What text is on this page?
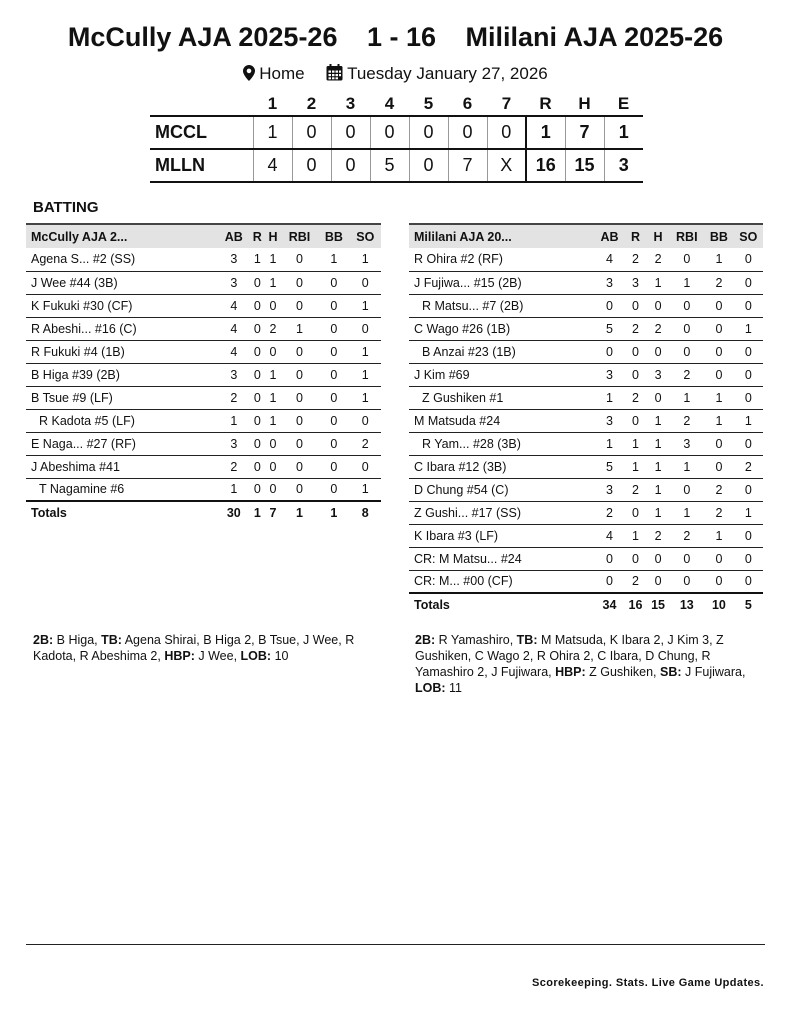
McCully AJA 2025-26 1 - 16 Mililani AJA 2025-26
Home Tuesday January 27, 2026
	1	2	3	4	5	6	7	R	H	E
MCCL	1	0	0	0	0	0	0	1	7	1
MLLN	4	0	0	5	0	7	X	16	15	3
BATTING
McCully AJA 2...	AB	R	H	RBI	BB	SO
Agena S... #2 (SS)	3	1	1	0	1	1
J Wee #44 (3B)	3	0	1	0	0	0
K Fukuki #30 (CF)	4	0	0	0	0	1
R Abeshi... #16 (C)	4	0	2	1	0	0
R Fukuki #4 (1B)	4	0	0	0	0	1
B Higa #39 (2B)	3	0	1	0	0	1
B Tsue #9 (LF)	2	0	1	0	0	1
R Kadota #5 (LF)	1	0	1	0	0	0
E Naga... #27 (RF)	3	0	0	0	0	2
J Abeshima #41	2	0	0	0	0	0
T Nagamine #6	1	0	0	0	0	1
Totals	30	1	7	1	1	8
Mililani AJA 20...	AB	R	H	RBI	BB	SO
R Ohira #2 (RF)	4	2	2	0	1	0
J Fujiwa... #15 (2B)	3	3	1	1	2	0
R Matsu... #7 (2B)	0	0	0	0	0	0
C Wago #26 (1B)	5	2	2	0	0	1
B Anzai #23 (1B)	0	0	0	0	0	0
J Kim #69	3	0	3	2	0	0
Z Gushiken #1	1	2	0	1	1	0
M Matsuda #24	3	0	1	2	1	1
R Yam... #28 (3B)	1	1	1	3	0	0
C Ibara #12 (3B)	5	1	1	1	0	2
D Chung #54 (C)	3	2	1	0	2	0
Z Gushi... #17 (SS)	2	0	1	1	2	1
K Ibara #3 (LF)	4	1	2	2	1	0
CR: M Matsu... #24	0	0	0	0	0	0
CR: M... #00 (CF)	0	2	0	0	0	0
Totals	34	16	15	13	10	5
2B: B Higa, TB: Agena Shirai, B Higa 2, B Tsue, J Wee, R Kadota, R Abeshima 2, HBP: J Wee, LOB: 10
2B: R Yamashiro, TB: M Matsuda, K Ibara 2, J Kim 3, Z Gushiken, C Wago 2, R Ohira 2, C Ibara, D Chung, R Yamashiro 2, J Fujiwara, HBP: Z Gushiken, SB: J Fujiwara, LOB: 11
Scorekeeping. Stats. Live Game Updates.
